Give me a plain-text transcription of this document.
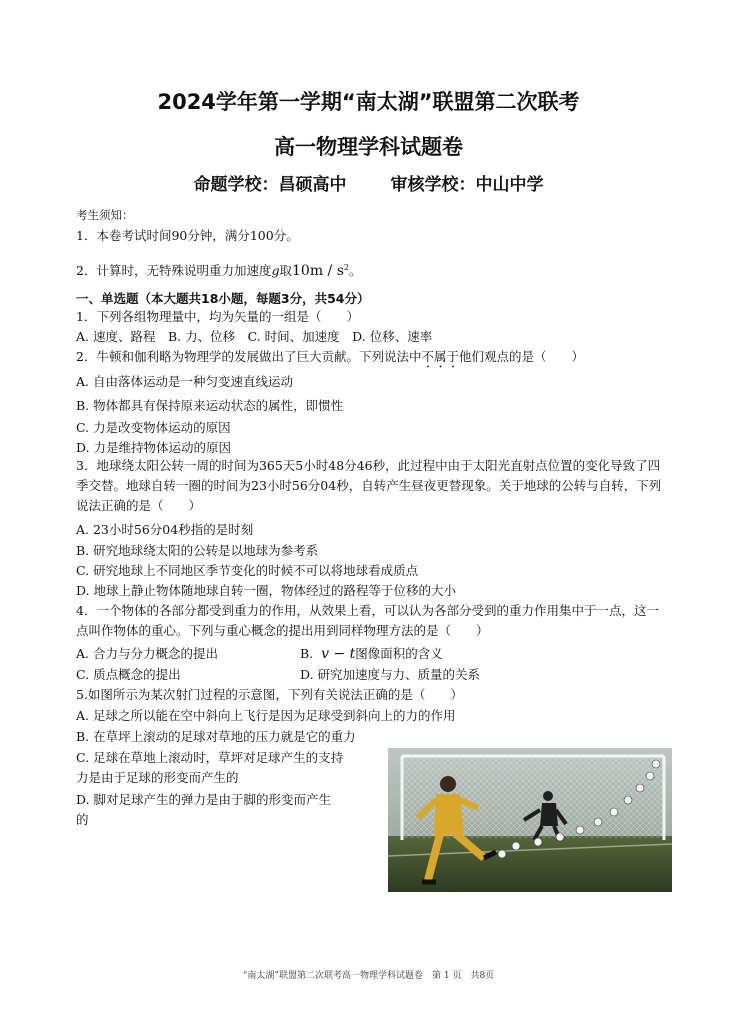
2024学年第一学期“南太湖”联盟第二次联考
高一物理学科试题卷
命题学校：昌硕高中	审核学校：中山中学
考生须知：
1．本卷考试时间90分钟，满分100分。
2．计算时，无特殊说明重力加速度g取$10m / s^2$。
一、单选题（本大题共18小题，每题3分，共54分）
1．下列各组物理量中，均为矢量的一组是（　　）
A. 速度、路程　B. 力、位移　C. 时间、加速度　D. 位移、速率
2．牛顿和伽利略为物理学的发展做出了巨大贡献。下列说法中不属于他们观点的是（　　）
A. 自由落体运动是一种匀变速直线运动
B. 物体都具有保持原来运动状态的属性，即惯性
C. 力是改变物体运动的原因
D. 力是维持物体运动的原因
3．地球绕太阳公转一周的时间为365天5小时48分46秒，此过程中由于太阳光直射点位置的变化导致了四季交替。地球自转一圈的时间为23小时56分04秒，自转产生昼夜更替现象。关于地球的公转与自转，下列说法正确的是（　　）
A. 23小时56分04秒指的是时刻
B. 研究地球绕太阳的公转是以地球为参考系
C. 研究地球上不同地区季节变化的时候不可以将地球看成质点
D. 地球上静止物体随地球自转一圈，物体经过的路程等于位移的大小
4．一个物体的各部分都受到重力的作用，从效果上看，可以认为各部分受到的重力作用集中于一点，这一点叫作物体的重心。下列与重心概念的提出用到同样物理方法的是（　　）
A. 合力与分力概念的提出	B. v − t图像面积的含义
C. 质点概念的提出	D. 研究加速度与力、质量的关系
5.如图所示为某次射门过程的示意图，下列有关说法正确的是（　　）
A. 足球之所以能在空中斜向上飞行是因为足球受到斜向上的力的作用
B. 在草坪上滚动的足球对草地的压力就是它的重力
C. 足球在草地上滚动时，草坪对足球产生的支持
力是由于足球的形变而产生的
D. 脚对足球产生的弹力是由于脚的形变而产生
的
“南太湖”联盟第二次联考高一物理学科试题卷　第 1 页　共8页
